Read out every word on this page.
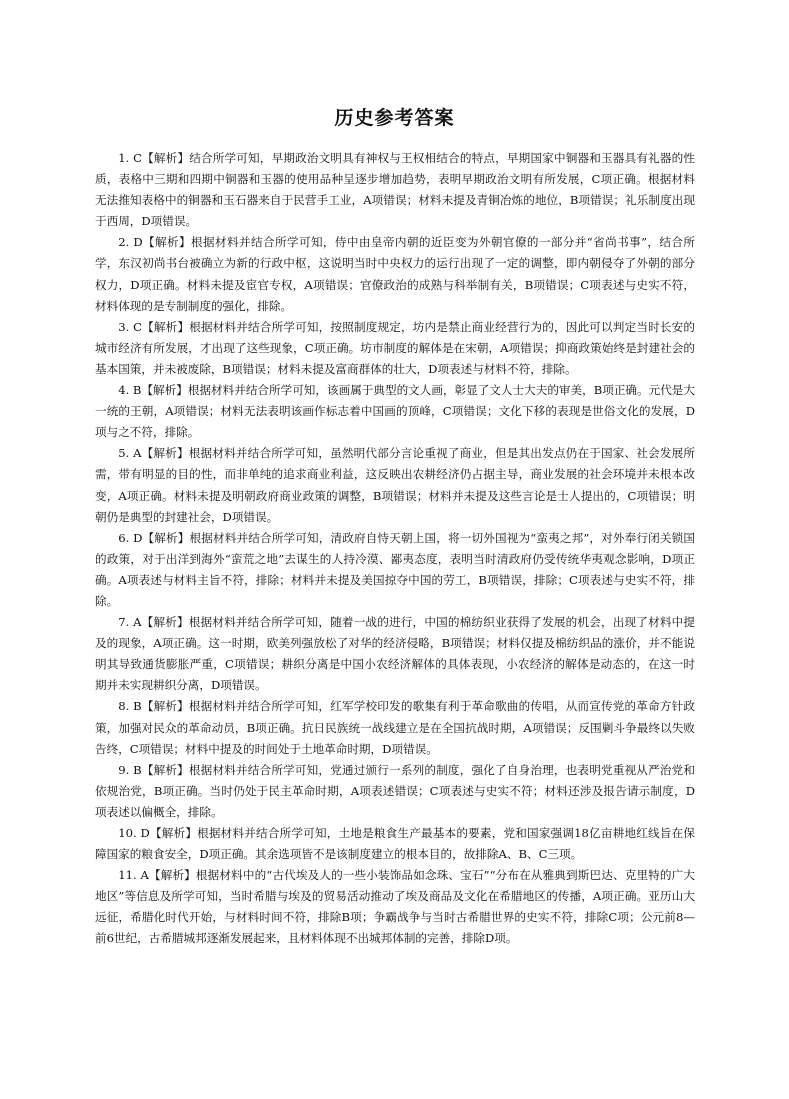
历史参考答案

1. C【解析】结合所学可知，早期政治文明具有神权与王权相结合的特点，早期国家中铜器和玉器具有礼器的性质，表格中三期和四期中铜器和玉器的使用品种呈逐步增加趋势，表明早期政治文明有所发展，C项正确。根据材料无法推知表格中的铜器和玉石器来自于民营手工业，A项错误；材料未提及青铜冶炼的地位，B项错误；礼乐制度出现于西周，D项错误。

2. D【解析】根据材料并结合所学可知，侍中由皇帝内朝的近臣变为外朝官僚的一部分并“省尚书事”，结合所学，东汉初尚书台被确立为新的行政中枢，这说明当时中央权力的运行出现了一定的调整，即内朝侵夺了外朝的部分权力，D项正确。材料未提及宦官专权，A项错误；官僚政治的成熟与科举制有关，B项错误；C项表述与史实不符，材料体现的是专制制度的强化，排除。

3. C【解析】根据材料并结合所学可知，按照制度规定，坊内是禁止商业经营行为的，因此可以判定当时长安的城市经济有所发展，才出现了这些现象，C项正确。坊市制度的解体是在宋朝，A项错误；抑商政策始终是封建社会的基本国策，并未被废除，B项错误；材料未提及富商群体的壮大，D项表述与材料不符，排除。

4. B【解析】根据材料并结合所学可知，该画属于典型的文人画，彰显了文人士大夫的审美，B项正确。元代是大一统的王朝，A项错误；材料无法表明该画作标志着中国画的顶峰，C项错误；文化下移的表现是世俗文化的发展，D项与之不符，排除。

5. A【解析】根据材料并结合所学可知，虽然明代部分言论重视了商业，但是其出发点仍在于国家、社会发展所需，带有明显的目的性，而非单纯的追求商业利益，这反映出农耕经济仍占据主导，商业发展的社会环境并未根本改变，A项正确。材料未提及明朝政府商业政策的调整，B项错误；材料并未提及这些言论是士人提出的，C项错误；明朝仍是典型的封建社会，D项错误。

6. D【解析】根据材料并结合所学可知，清政府自恃天朝上国，将一切外国视为“蛮夷之邦”，对外奉行闭关锁国的政策，对于出洋到海外“蛮荒之地”去谋生的人持冷漠、鄙夷态度，表明当时清政府仍受传统华夷观念影响，D项正确。A项表述与材料主旨不符，排除；材料并未提及美国掠夺中国的劳工，B项错误，排除；C项表述与史实不符，排除。

7. A【解析】根据材料并结合所学可知，随着一战的进行，中国的棉纺织业获得了发展的机会，出现了材料中提及的现象，A项正确。这一时期，欧美列强放松了对华的经济侵略，B项错误；材料仅提及棉纺织品的涨价，并不能说明其导致通货膨胀严重，C项错误；耕织分离是中国小农经济解体的具体表现，小农经济的解体是动态的，在这一时期并未实现耕织分离，D项错误。

8. B【解析】根据材料并结合所学可知，红军学校印发的歌集有利于革命歌曲的传唱，从而宣传党的革命方针政策，加强对民众的革命动员，B项正确。抗日民族统一战线建立是在全国抗战时期，A项错误；反围剿斗争最终以失败告终，C项错误；材料中提及的时间处于土地革命时期，D项错误。

9. B【解析】根据材料并结合所学可知，党通过颁行一系列的制度，强化了自身治理，也表明党重视从严治党和依规治党，B项正确。当时仍处于民主革命时期，A项表述错误；C项表述与史实不符；材料还涉及报告请示制度，D项表述以偏概全，排除。

10. D【解析】根据材料并结合所学可知，土地是粮食生产最基本的要素，党和国家强调18亿亩耕地红线旨在保障国家的粮食安全，D项正确。其余选项皆不是该制度建立的根本目的，故排除A、B、C三项。

11. A【解析】根据材料中的“古代埃及人的一些小装饰品如念珠、宝石”“分布在从雅典到斯巴达、克里特的广大地区”等信息及所学可知，当时希腊与埃及的贸易活动推动了埃及商品及文化在希腊地区的传播，A项正确。亚历山大远征，希腊化时代开始，与材料时间不符，排除B项；争霸战争与当时古希腊世界的史实不符，排除C项；公元前8—前6世纪，古希腊城邦逐渐发展起来，且材料体现不出城邦体制的完善，排除D项。
